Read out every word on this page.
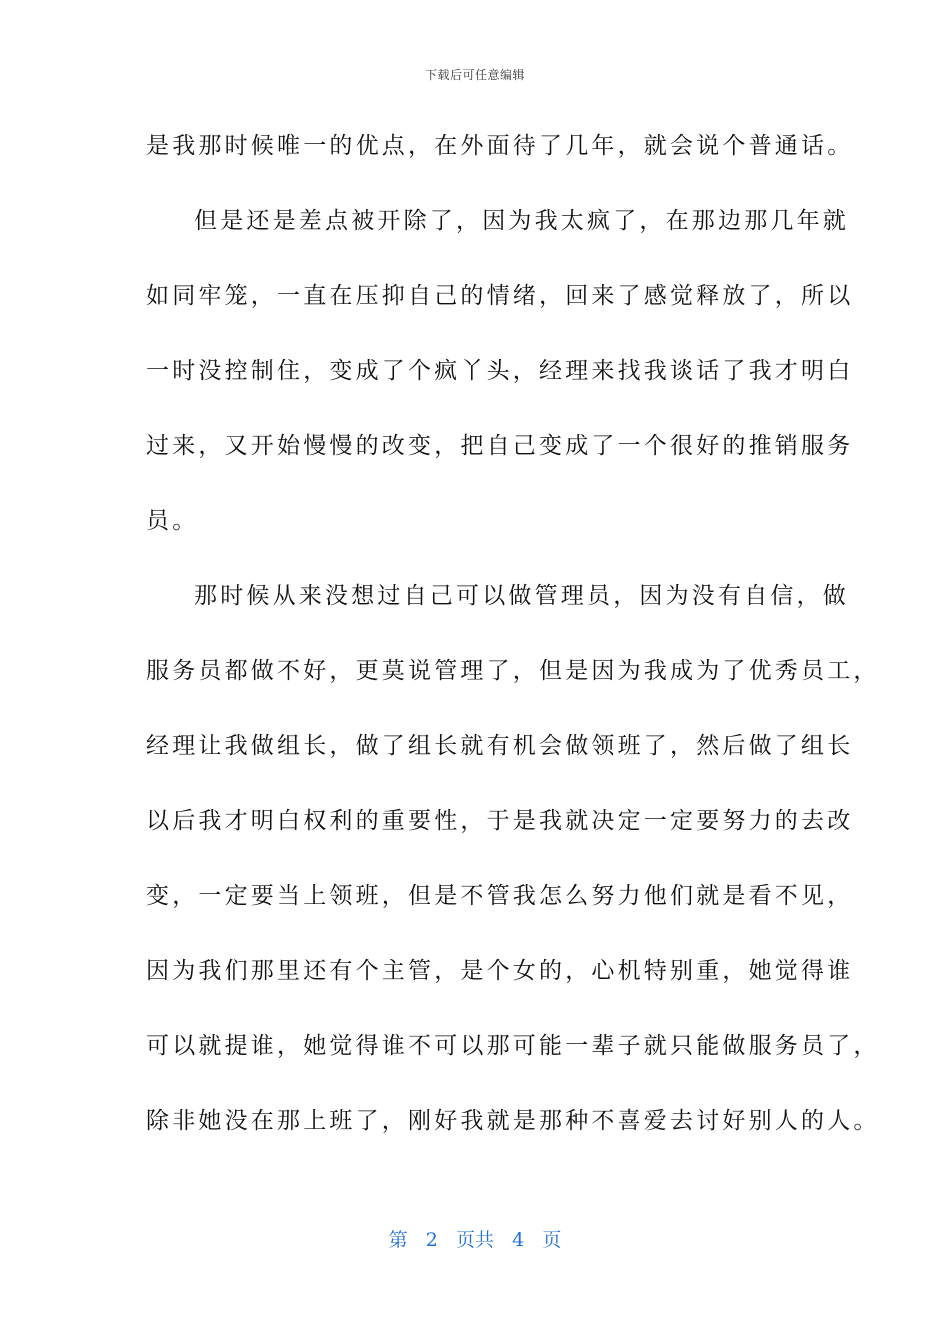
下载后可任意编辑
是我那时候唯一的优点，在外面待了几年，就会说个普通话。
但是还是差点被开除了，因为我太疯了，在那边那几年就
如同牢笼，一直在压抑自己的情绪，回来了感觉释放了，所以
一时没控制住，变成了个疯丫头，经理来找我谈话了我才明白
过来，又开始慢慢的改变，把自己变成了一个很好的推销服务
员。
那时候从来没想过自己可以做管理员，因为没有自信，做
服务员都做不好，更莫说管理了，但是因为我成为了优秀员工，
经理让我做组长，做了组长就有机会做领班了，然后做了组长
以后我才明白权利的重要性，于是我就决定一定要努力的去改
变，一定要当上领班，但是不管我怎么努力他们就是看不见，
因为我们那里还有个主管，是个女的，心机特别重，她觉得谁
可以就提谁，她觉得谁不可以那可能一辈子就只能做服务员了，
除非她没在那上班了，刚好我就是那种不喜爱去讨好别人的人。
第 2 页共 4 页
